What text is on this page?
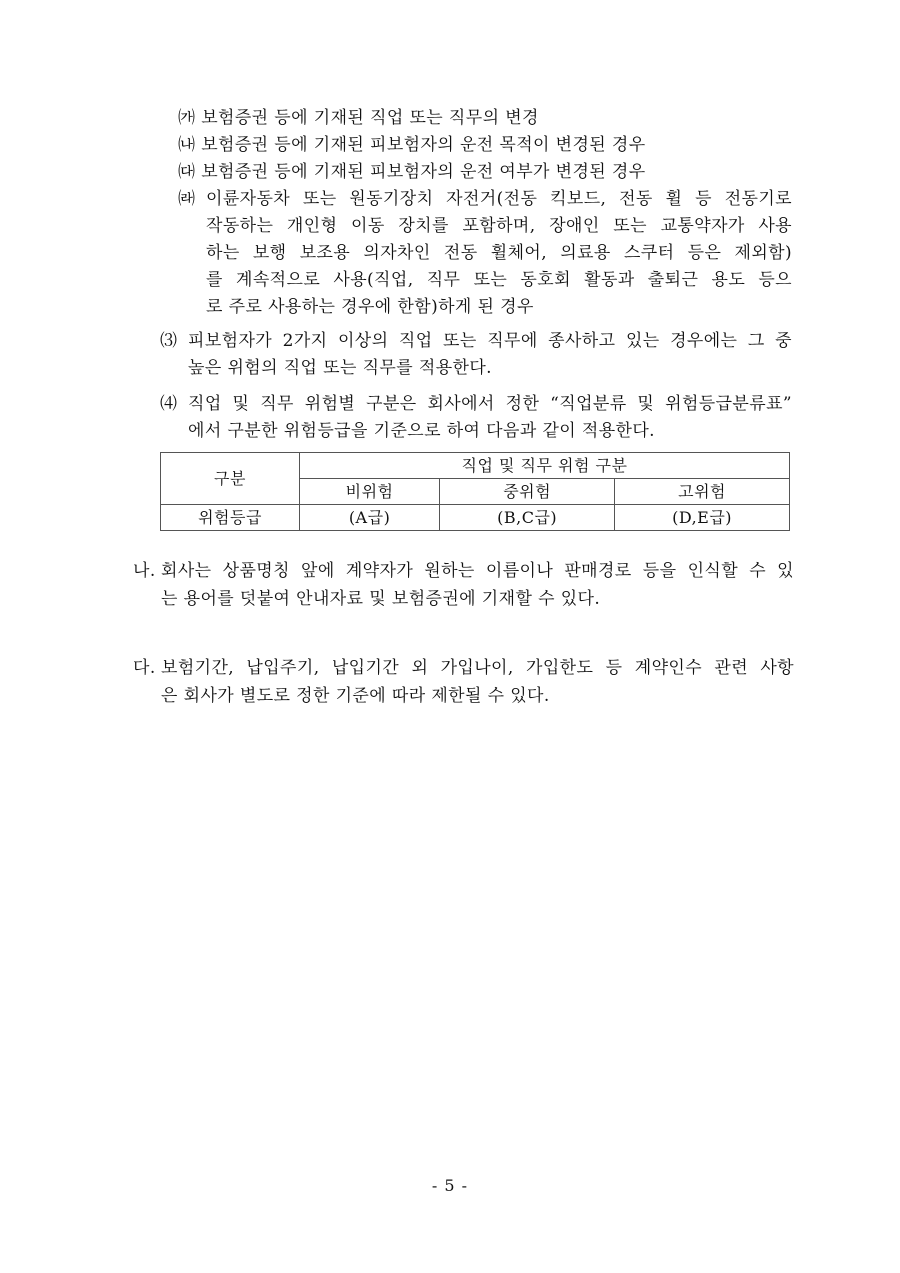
㈎ 보험증권 등에 기재된 직업 또는 직무의 변경
㈏ 보험증권 등에 기재된 피보험자의 운전 목적이 변경된 경우
㈐ 보험증권 등에 기재된 피보험자의 운전 여부가 변경된 경우
㈑ 이륜자동차 또는 원동기장치 자전거(전동 킥보드, 전동 휠 등 전동기로
작동하는 개인형 이동 장치를 포함하며, 장애인 또는 교통약자가 사용
하는 보행 보조용 의자차인 전동 휠체어, 의료용 스쿠터 등은 제외함)
를 계속적으로 사용(직업, 직무 또는 동호회 활동과 출퇴근 용도 등으
로 주로 사용하는 경우에 한함)하게 된 경우
⑶ 피보험자가 2가지 이상의 직업 또는 직무에 종사하고 있는 경우에는 그 중
높은 위험의 직업 또는 직무를 적용한다.
⑷ 직업 및 직무 위험별 구분은 회사에서 정한 “직업분류 및 위험등급분류표”
에서 구분한 위험등급을 기준으로 하여 다음과 같이 적용한다.
구분	직업 및 직무 위험 구분		
	비위험	중위험	고위험
위험등급	(A급)	(B,C급)	(D,E급)
나. 회사는 상품명칭 앞에 계약자가 원하는 이름이나 판매경로 등을 인식할 수 있
는 용어를 덧붙여 안내자료 및 보험증권에 기재할 수 있다.
다. 보험기간, 납입주기, 납입기간 외 가입나이, 가입한도 등 계약인수 관련 사항
은 회사가 별도로 정한 기준에 따라 제한될 수 있다.
- 5 -
